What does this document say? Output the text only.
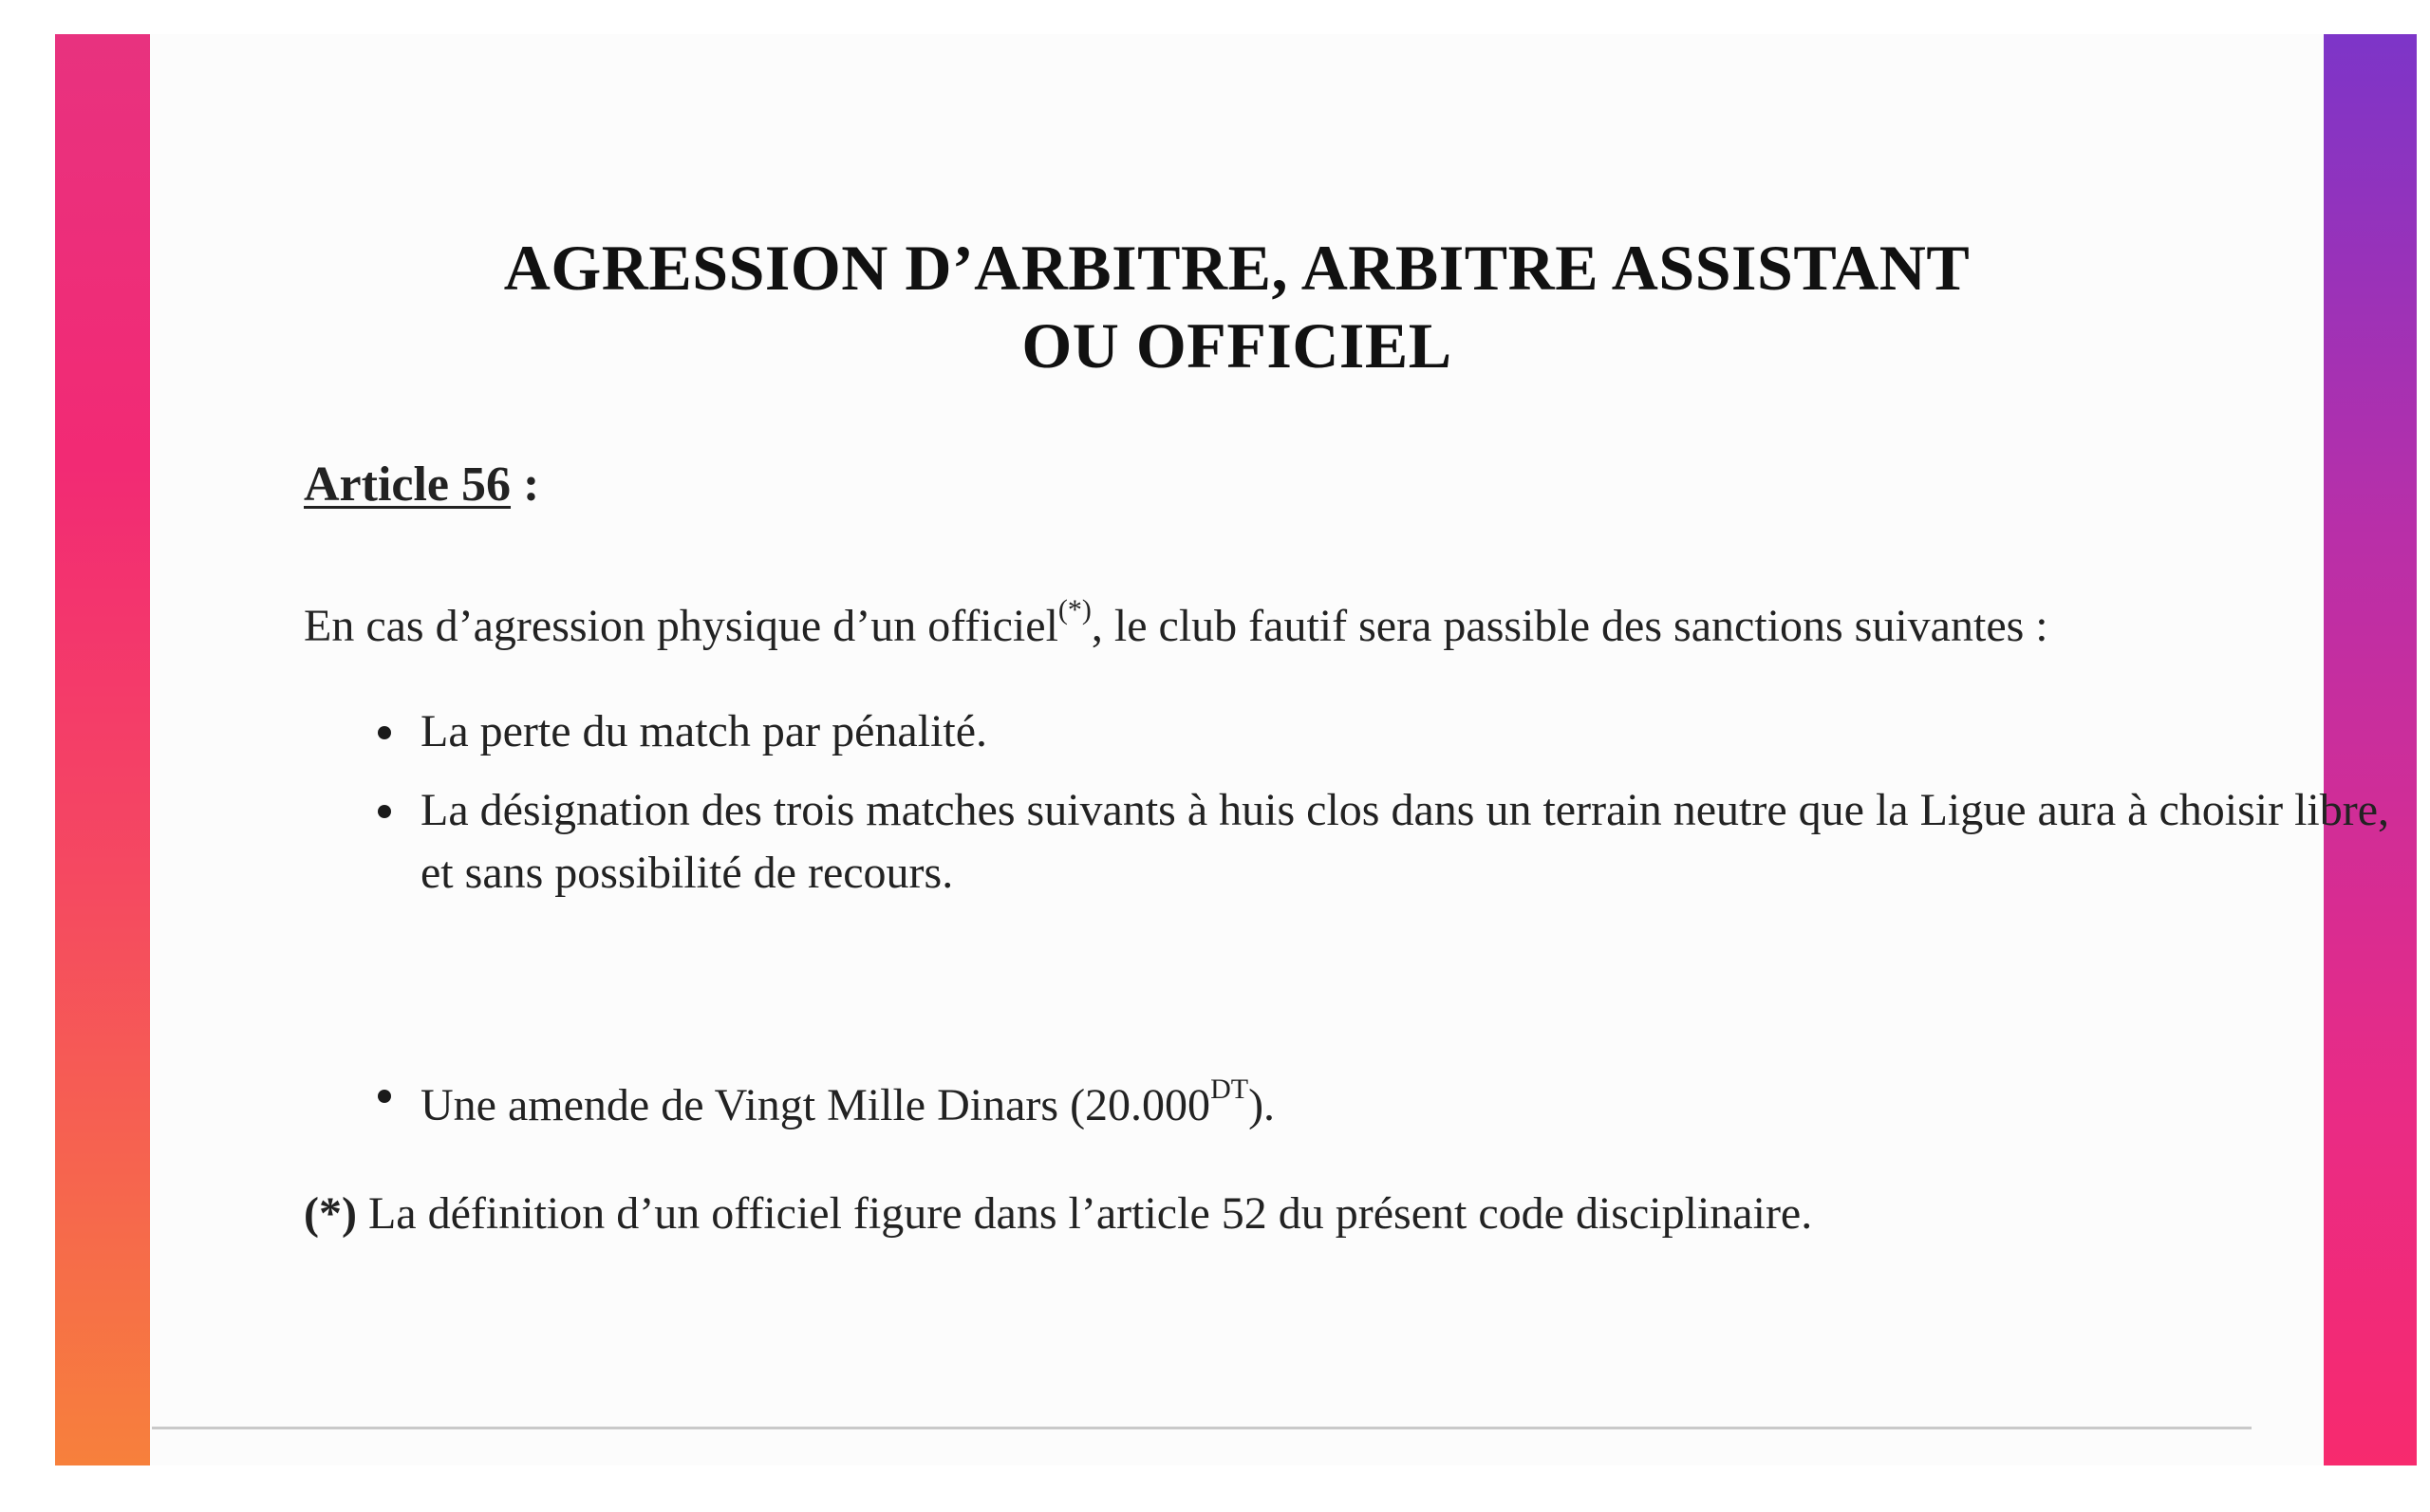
AGRESSION D’ARBITRE, ARBITRE ASSISTANT
OU OFFICIEL
Article 56 :
En cas d’agression physique d’un officiel(*), le club fautif sera passible des sanctions suivantes :
La perte du match par pénalité.
La désignation des trois matches suivants à huis clos dans un terrain neutre que la Ligue aura à choisir libre, et sans possibilité de recours.
Une amende de Vingt Mille Dinars $(20.000^{DT})$.
(*) La définition d’un officiel figure dans l’article 52 du présent code disciplinaire.
